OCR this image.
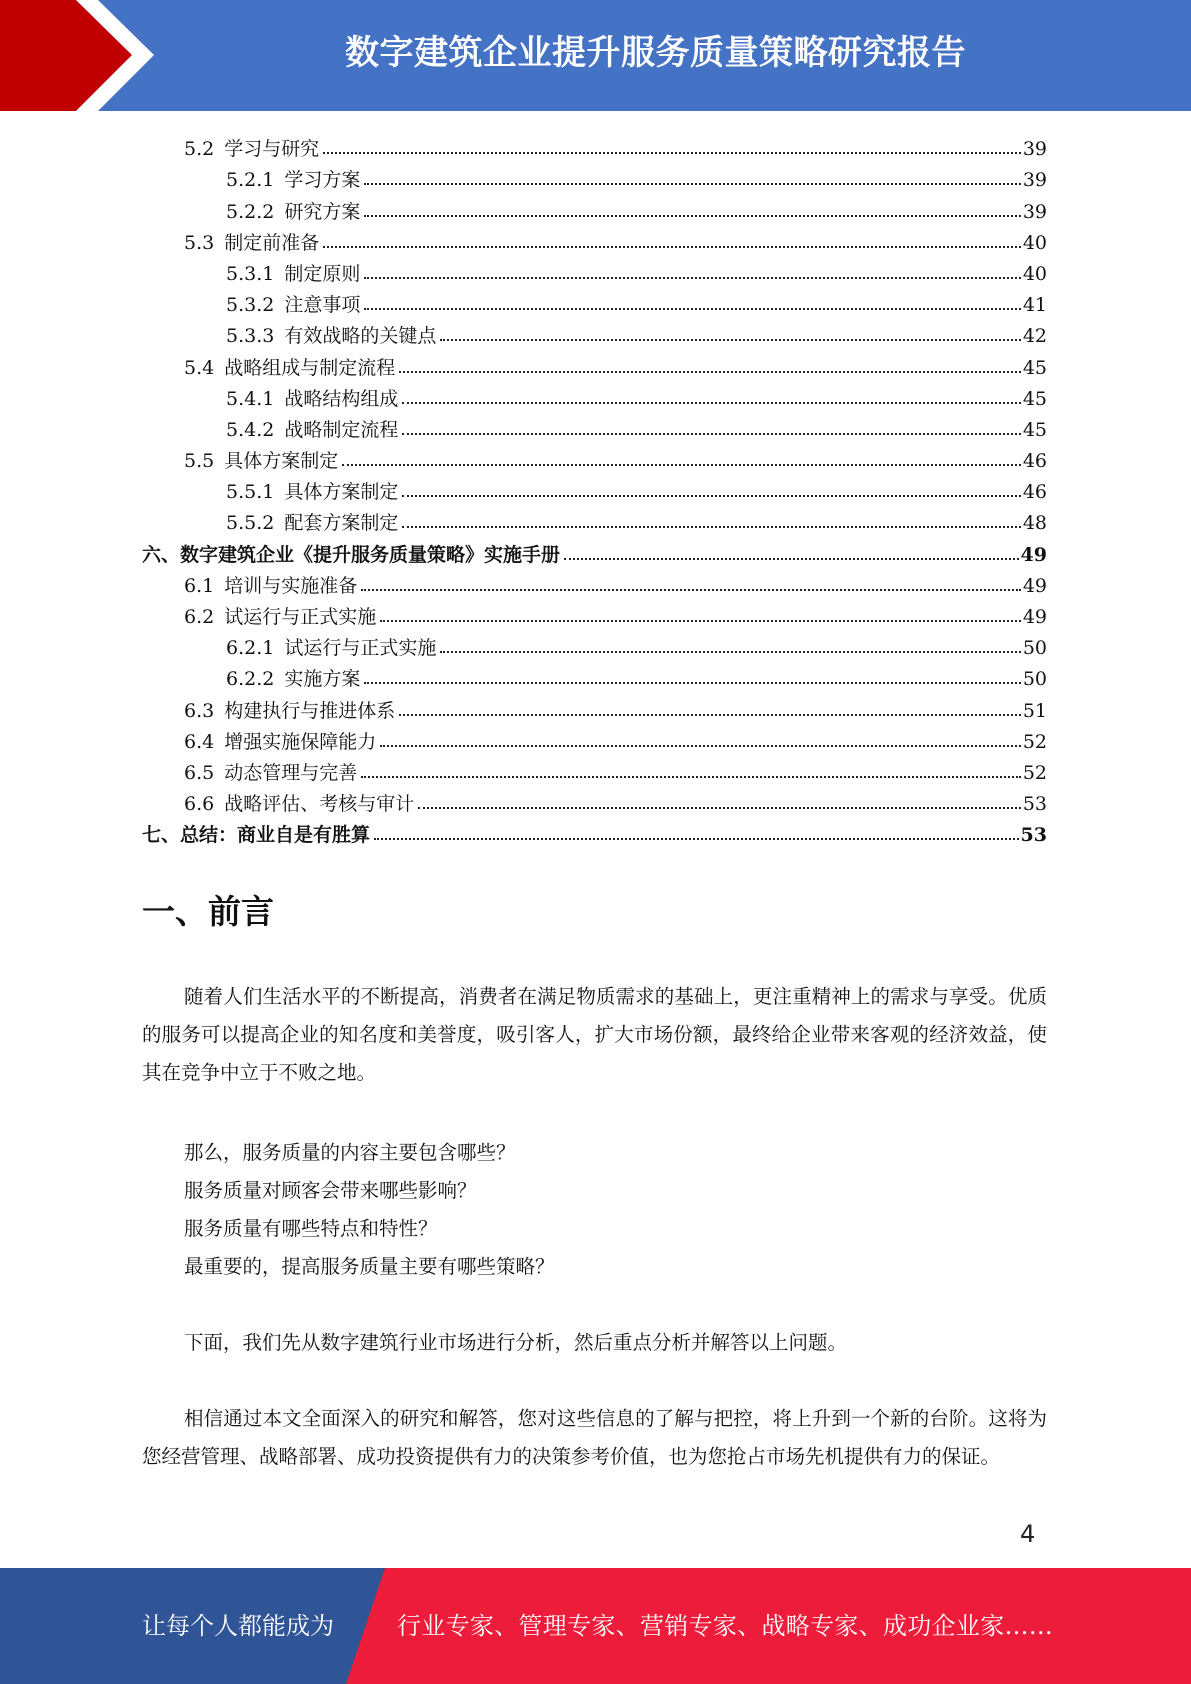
数字建筑企业提升服务质量策略研究报告
5.2 学习与研究	39
5.2.1 学习方案	39
5.2.2 研究方案	39
5.3 制定前准备	40
5.3.1 制定原则	40
5.3.2 注意事项	41
5.3.3 有效战略的关键点	42
5.4 战略组成与制定流程	45
5.4.1 战略结构组成	45
5.4.2 战略制定流程	45
5.5 具体方案制定	46
5.5.1 具体方案制定	46
5.5.2 配套方案制定	48
六、数字建筑企业《提升服务质量策略》实施手册	49
6.1 培训与实施准备	49
6.2 试运行与正式实施	49
6.2.1 试运行与正式实施	50
6.2.2 实施方案	50
6.3 构建执行与推进体系	51
6.4 增强实施保障能力	52
6.5 动态管理与完善	52
6.6 战略评估、考核与审计	53
七、总结：商业自是有胜算	53
一、前言

随着人们生活水平的不断提高，消费者在满足物质需求的基础上，更注重精神上的需求与享受。优质的服务可以提高企业的知名度和美誉度，吸引客人，扩大市场份额，最终给企业带来客观的经济效益，使其在竞争中立于不败之地。

那么，服务质量的内容主要包含哪些？

服务质量对顾客会带来哪些影响？

服务质量有哪些特点和特性？

最重要的，提高服务质量主要有哪些策略？

下面，我们先从数字建筑行业市场进行分析，然后重点分析并解答以上问题。

相信通过本文全面深入的研究和解答，您对这些信息的了解与把控，将上升到一个新的台阶。这将为您经营管理、战略部署、成功投资提供有力的决策参考价值，也为您抢占市场先机提供有力的保证。

4
让每个人都能成为	行业专家、管理专家、营销专家、战略专家、成功企业家……
